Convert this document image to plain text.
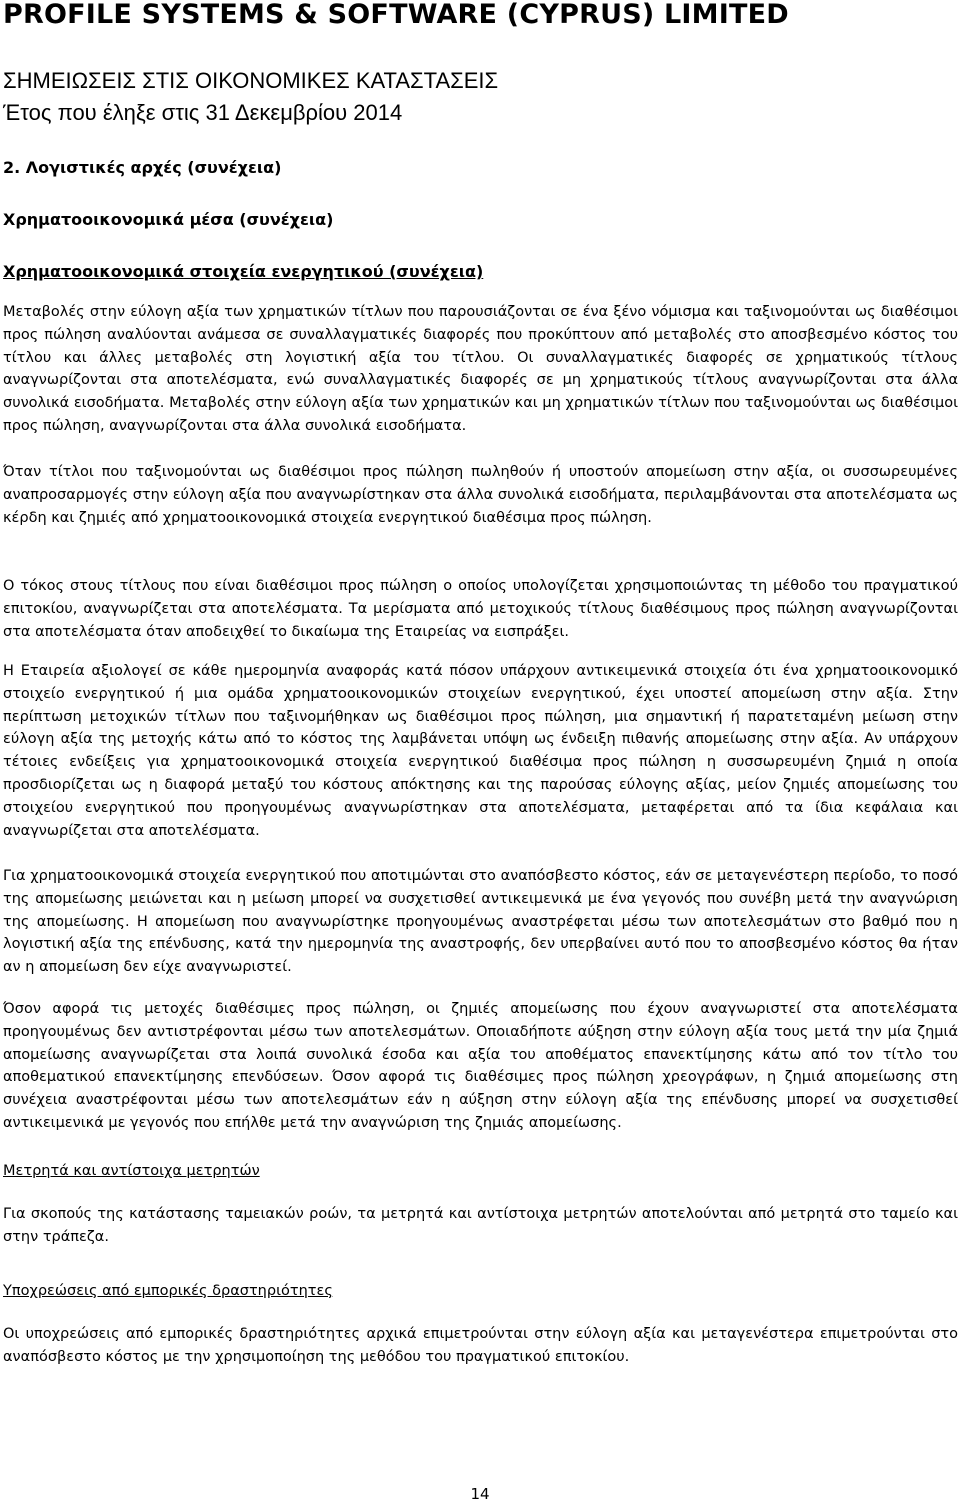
PROFILE SYSTEMS & SOFTWARE (CYPRUS) LIMITED
ΣΗΜΕΙΩΣΕΙΣ ΣΤΙΣ ΟΙΚΟΝΟΜΙΚΕΣ ΚΑΤΑΣΤΑΣΕΙΣ
Έτος που έληξε στις 31 Δεκεμβρίου 2014
2. Λογιστικές αρχές (συνέχεια)
Χρηματοοικονομικά μέσα (συνέχεια)
Χρηματοοικονομικά στοιχεία ενεργητικού (συνέχεια)

Μεταβολές στην εύλογη αξία των χρηματικών τίτλων που παρουσιάζονται σε ένα ξένο νόμισμα και ταξινομούνται ως διαθέσιμοι προς πώληση αναλύονται ανάμεσα σε συναλλαγματικές διαφορές που προκύπτουν από μεταβολές στο αποσβεσμένο κόστος του τίτλου και άλλες μεταβολές στη λογιστική αξία του τίτλου. Οι συναλλαγματικές διαφορές σε χρηματικούς τίτλους αναγνωρίζονται στα αποτελέσματα, ενώ συναλλαγματικές διαφορές σε μη χρηματικούς τίτλους αναγνωρίζονται στα άλλα συνολικά εισοδήματα. Μεταβολές στην εύλογη αξία των χρηματικών και μη χρηματικών τίτλων που ταξινομούνται ως διαθέσιμοι προς πώληση, αναγνωρίζονται στα άλλα συνολικά εισοδήματα.

Όταν τίτλοι που ταξινομούνται ως διαθέσιμοι προς πώληση πωληθούν ή υποστούν απομείωση στην αξία, οι συσσωρευμένες αναπροσαρμογές στην εύλογη αξία που αναγνωρίστηκαν στα άλλα συνολικά εισοδήματα, περιλαμβάνονται στα αποτελέσματα ως κέρδη και ζημιές από χρηματοοικονομικά στοιχεία ενεργητικού διαθέσιμα προς πώληση.

Ο τόκος στους τίτλους που είναι διαθέσιμοι προς πώληση ο οποίος υπολογίζεται χρησιμοποιώντας τη μέθοδο του πραγματικού επιτοκίου, αναγνωρίζεται στα αποτελέσματα. Τα μερίσματα από μετοχικούς τίτλους διαθέσιμους προς πώληση αναγνωρίζονται στα αποτελέσματα όταν αποδειχθεί το δικαίωμα της Εταιρείας να εισπράξει.

Η Εταιρεία αξιολογεί σε κάθε ημερομηνία αναφοράς κατά πόσον υπάρχουν αντικειμενικά στοιχεία ότι ένα χρηματοοικονομικό στοιχείο ενεργητικού ή μια ομάδα χρηματοοικονομικών στοιχείων ενεργητικού, έχει υποστεί απομείωση στην αξία. Στην περίπτωση μετοχικών τίτλων που ταξινομήθηκαν ως διαθέσιμοι προς πώληση, μια σημαντική ή παρατεταμένη μείωση στην εύλογη αξία της μετοχής κάτω από το κόστος της λαμβάνεται υπόψη ως ένδειξη πιθανής απομείωσης στην αξία. Αν υπάρχουν τέτοιες ενδείξεις για χρηματοοικονομικά στοιχεία ενεργητικού διαθέσιμα προς πώληση η συσσωρευμένη ζημιά η οποία προσδιορίζεται ως η διαφορά μεταξύ του κόστους απόκτησης και της παρούσας εύλογης αξίας, μείον ζημιές απομείωσης του στοιχείου ενεργητικού που προηγουμένως αναγνωρίστηκαν στα αποτελέσματα, μεταφέρεται από τα ίδια κεφάλαια και αναγνωρίζεται στα αποτελέσματα.

Για χρηματοοικονομικά στοιχεία ενεργητικού που αποτιμώνται στο αναπόσβεστο κόστος, εάν σε μεταγενέστερη περίοδο, το ποσό της απομείωσης μειώνεται και η μείωση μπορεί να συσχετισθεί αντικειμενικά με ένα γεγονός που συνέβη μετά την αναγνώριση της απομείωσης. Η απομείωση που αναγνωρίστηκε προηγουμένως αναστρέφεται μέσω των αποτελεσμάτων στο βαθμό που η λογιστική αξία της επένδυσης, κατά την ημερομηνία της αναστροφής, δεν υπερβαίνει αυτό που το αποσβεσμένο κόστος θα ήταν αν η απομείωση δεν είχε αναγνωριστεί.

Όσον αφορά τις μετοχές διαθέσιμες προς πώληση, οι ζημιές απομείωσης που έχουν αναγνωριστεί στα αποτελέσματα προηγουμένως δεν αντιστρέφονται μέσω των αποτελεσμάτων. Οποιαδήποτε αύξηση στην εύλογη αξία τους μετά την μία ζημιά απομείωσης αναγνωρίζεται στα λοιπά συνολικά έσοδα και αξία του αποθέματος επανεκτίμησης κάτω από τον τίτλο του αποθεματικού επανεκτίμησης επενδύσεων. Όσον αφορά τις διαθέσιμες προς πώληση χρεογράφων, η ζημιά απομείωσης στη συνέχεια αναστρέφονται μέσω των αποτελεσμάτων εάν η αύξηση στην εύλογη αξία της επένδυσης μπορεί να συσχετισθεί αντικειμενικά με γεγονός που επήλθε μετά την αναγνώριση της ζημιάς απομείωσης.

Μετρητά και αντίστοιχα μετρητών

Για σκοπούς της κατάστασης ταμειακών ροών, τα μετρητά και αντίστοιχα μετρητών αποτελούνται από μετρητά στο ταμείο και στην τράπεζα.

Υποχρεώσεις από εμπορικές δραστηριότητες

Οι υποχρεώσεις από εμπορικές δραστηριότητες αρχικά επιμετρούνται στην εύλογη αξία και μεταγενέστερα επιμετρούνται στο αναπόσβεστο κόστος με την χρησιμοποίηση της μεθόδου του πραγματικού επιτοκίου.

14
